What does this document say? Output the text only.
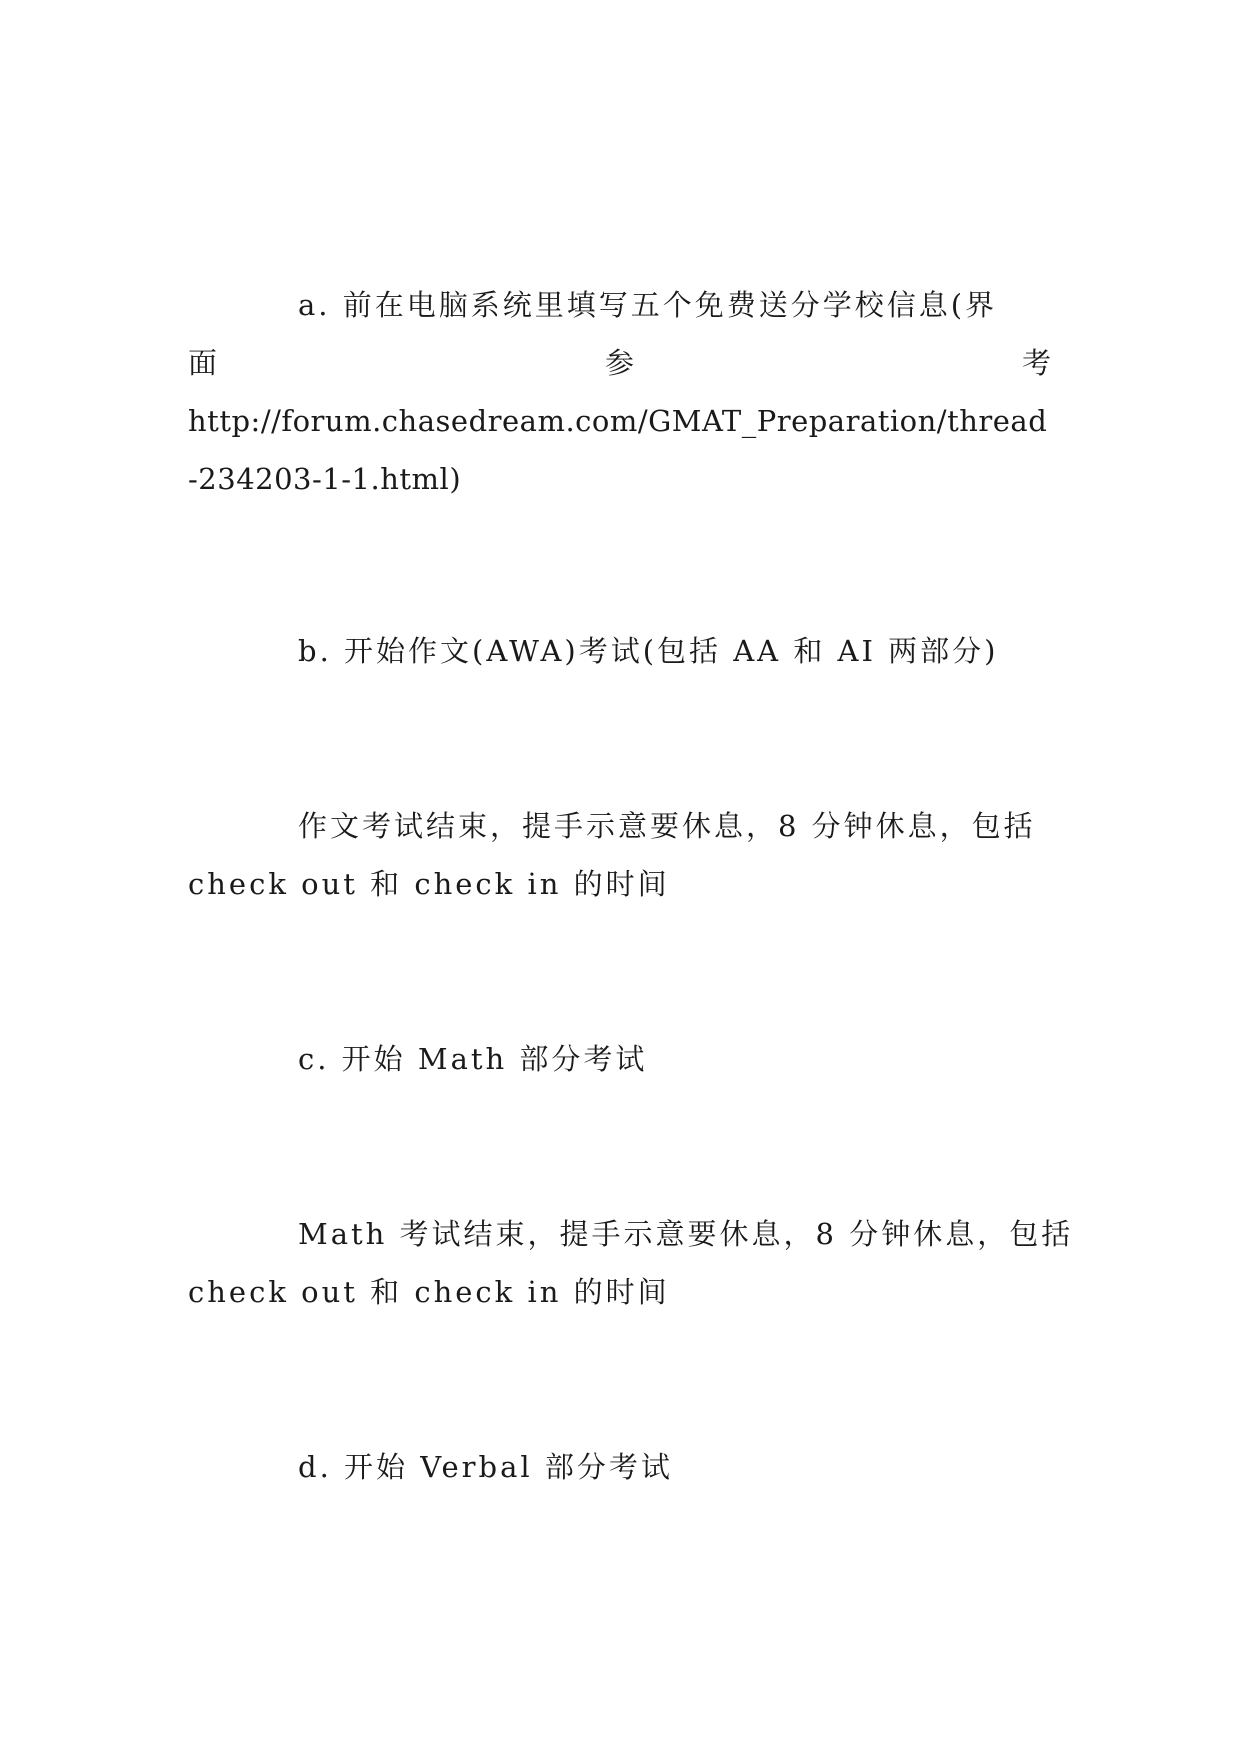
a. 前在电脑系统里填写五个免费送分学校信息(界
面	参	考
http://forum.chasedream.com/GMAT_Preparation/thread
-234203-1-1.html)
b. 开始作文(AWA)考试(包括 AA 和 AI 两部分)
作文考试结束，提手示意要休息，8 分钟休息，包括
check out 和 check in 的时间
c. 开始 Math 部分考试
Math 考试结束，提手示意要休息，8 分钟休息，包括
check out 和 check in 的时间
d. 开始 Verbal 部分考试
